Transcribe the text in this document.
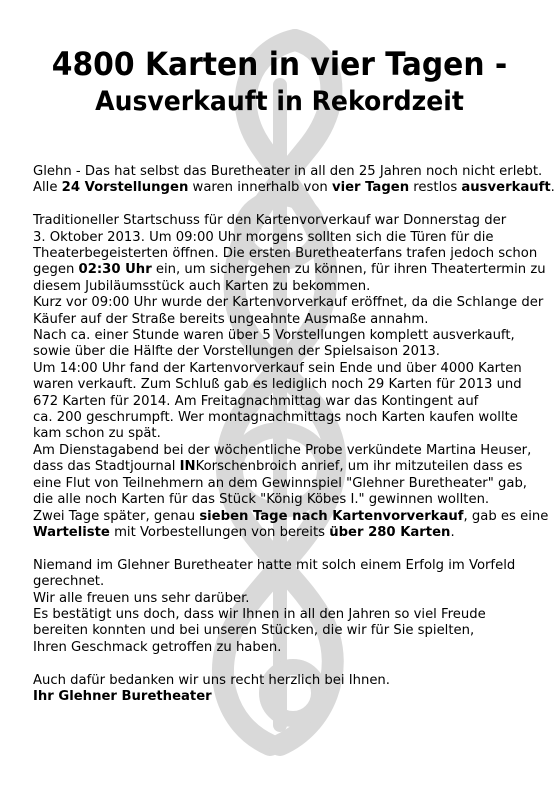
4800 Karten in vier Tagen -
Ausverkauft in Rekordzeit

Glehn - Das hat selbst das Buretheater in all den 25 Jahren noch nicht erlebt.
Alle 24 Vorstellungen waren innerhalb von vier Tagen restlos ausverkauft.

Traditioneller Startschuss für den Kartenvorverkauf war Donnerstag der
3. Oktober 2013. Um 09:00 Uhr morgens sollten sich die Türen für die
Theaterbegeisterten öffnen. Die ersten Buretheaterfans trafen jedoch schon
gegen 02:30 Uhr ein, um sichergehen zu können, für ihren Theatertermin zu
diesem Jubiläumsstück auch Karten zu bekommen.
Kurz vor 09:00 Uhr wurde der Kartenvorverkauf eröffnet, da die Schlange der
Käufer auf der Straße bereits ungeahnte Ausmaße annahm.
Nach ca. einer Stunde waren über 5 Vorstellungen komplett ausverkauft,
sowie über die Hälfte der Vorstellungen der Spielsaison 2013.
Um 14:00 Uhr fand der Kartenvorverkauf sein Ende und über 4000 Karten
waren verkauft. Zum Schluß gab es lediglich noch 29 Karten für 2013 und
672 Karten für 2014. Am Freitagnachmittag war das Kontingent auf
ca. 200 geschrumpft. Wer montagnachmittags noch Karten kaufen wollte
kam schon zu spät.
Am Dienstagabend bei der wöchentliche Probe verkündete Martina Heuser,
dass das Stadtjournal INKorschenbroich anrief, um ihr mitzuteilen dass es
eine Flut von Teilnehmern an dem Gewinnspiel "Glehner Buretheater" gab,
die alle noch Karten für das Stück "König Köbes I." gewinnen wollten.
Zwei Tage später, genau sieben Tage nach Kartenvorverkauf, gab es eine
Warteliste mit Vorbestellungen von bereits über 280 Karten.

Niemand im Glehner Buretheater hatte mit solch einem Erfolg im Vorfeld
gerechnet.
Wir alle freuen uns sehr darüber.
Es bestätigt uns doch, dass wir Ihnen in all den Jahren so viel Freude
bereiten konnten und bei unseren Stücken, die wir für Sie spielten,
Ihren Geschmack getroffen zu haben.

Auch dafür bedanken wir uns recht herzlich bei Ihnen.
Ihr Glehner Buretheater
